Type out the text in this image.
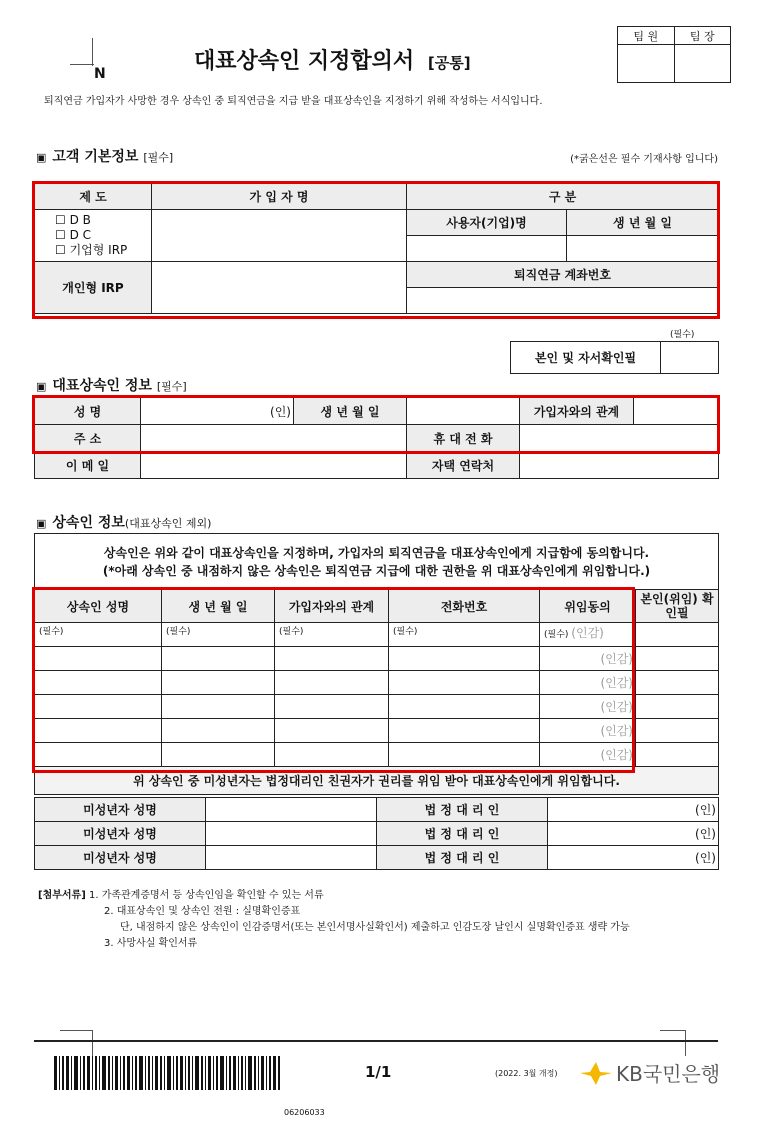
N	대표상속인 지정합의서 [공통]
팀 원	팀 장

퇴직연금 가입자가 사망한 경우 상속인 중 퇴직연금을 지급 받을 대표상속인을 지정하기 위해 작성하는 서식입니다.
▣ 고객 기본정보 [필수]	(*굵은선은 필수 기재사항 입니다)
제 도	가 입 자 명	구 분	

☐ D B
☐ D C
☐ 기업형 IRP		사용자(기업)명	생 년 월 일

개인형 IRP		퇴직연금 계좌번호	

(필수)
본인 및 자서확인필	
▣ 대표상속인 정보 [필수]
성 명	(인)	생 년 월 일		가입자와의 관계	
주 소			휴 대 전 화		
이 메 일			자택 연락처		
▣ 상속인 정보(대표상속인 제외)
상속인은 위와 같이 대표상속인을 지정하며, 가입자의 퇴직연금을 대표상속인에게 지급함에 동의합니다.
(*아래 상속인 중 내점하지 않은 상속인은 퇴직연금 지급에 대한 권한을 위 대표상속인에게 위임합니다.)					

상속인 성명	생 년 월 일	가입자와의 관계	전화번호	위임동의	본인(위임) 확인필
(필수)	(필수)	(필수)	(필수)	(필수) (인감)	
				(인감)	
				(인감)	
				(인감)	
				(인감)	
				(인감)	
위 상속인 중 미성년자는 법정대리인 친권자가 권리를 위임 받아 대표상속인에게 위임합니다.					
미성년자 성명		법 정 대 리 인	(인)
미성년자 성명		법 정 대 리 인	(인)
미성년자 성명		법 정 대 리 인	(인)
[첨부서류] 1. 가족관계증명서 등 상속인임을 확인할 수 있는 서류
2. 대표상속인 및 상속인 전원 : 실명확인증표
단, 내점하지 않은 상속인이 인감증명서(또는 본인서명사실확인서) 제출하고 인감도장 날인시 실명확인증표 생략 가능
3. 사망사실 확인서류
1/1	(2022. 3월 개정)	KB국민은행
06206033
